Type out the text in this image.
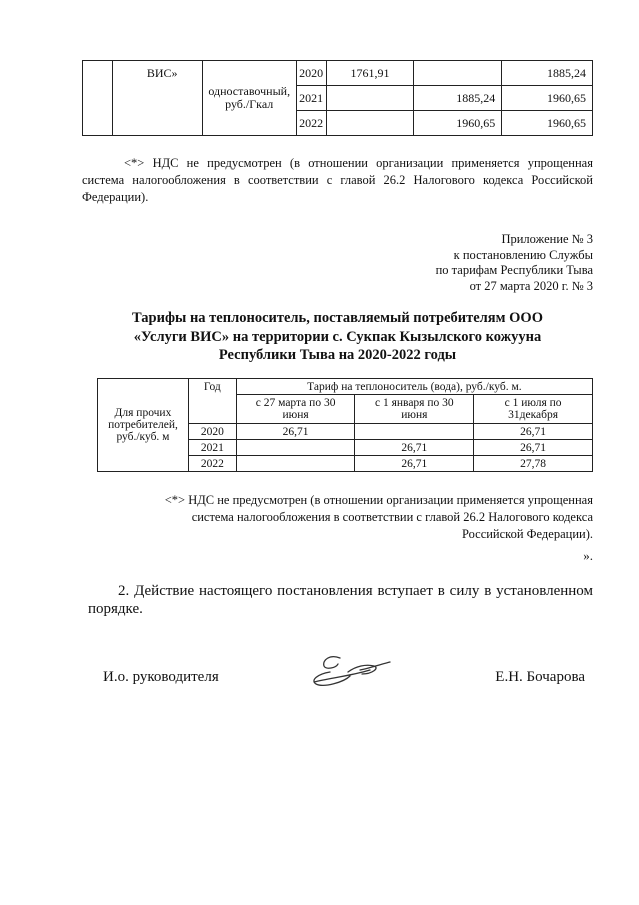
	ВИС»	одноставочный, руб./Гкал	2020	1761,91		1885,24
			2021		1885,24	1960,65
			2022		1960,65	1960,65
<*> НДС не предусмотрен (в отношении организации применяется упрощенная система налогообложения в соответствии с главой 26.2 Налогового кодекса Российской Федерации).
Приложение № 3
к постановлению Службы
по тарифам Республики Тыва
от 27 марта 2020 г. № 3
Тарифы на теплоноситель, поставляемый потребителям ООО
«Услуги ВИС» на территории с. Сукпак Кызылского кожууна
Республики Тыва на 2020-2022 годы
Для прочих потребителей, руб./куб. м	Год	Тариф на теплоноситель (вода), руб./куб. м.		
		с 27 марта по 30 июня	с 1 января по 30 июня	с 1 июля по 31декабря
	2020	26,71		26,71
	2021		26,71	26,71
	2022		26,71	27,78
<*> НДС не предусмотрен (в отношении организации применяется упрощенная система налогообложения в соответствии с главой 26.2 Налогового кодекса Российской Федерации).
».
2. Действие настоящего постановления вступает в силу в установленном порядке.
И.о. руководителя	Е.Н. Бочарова
